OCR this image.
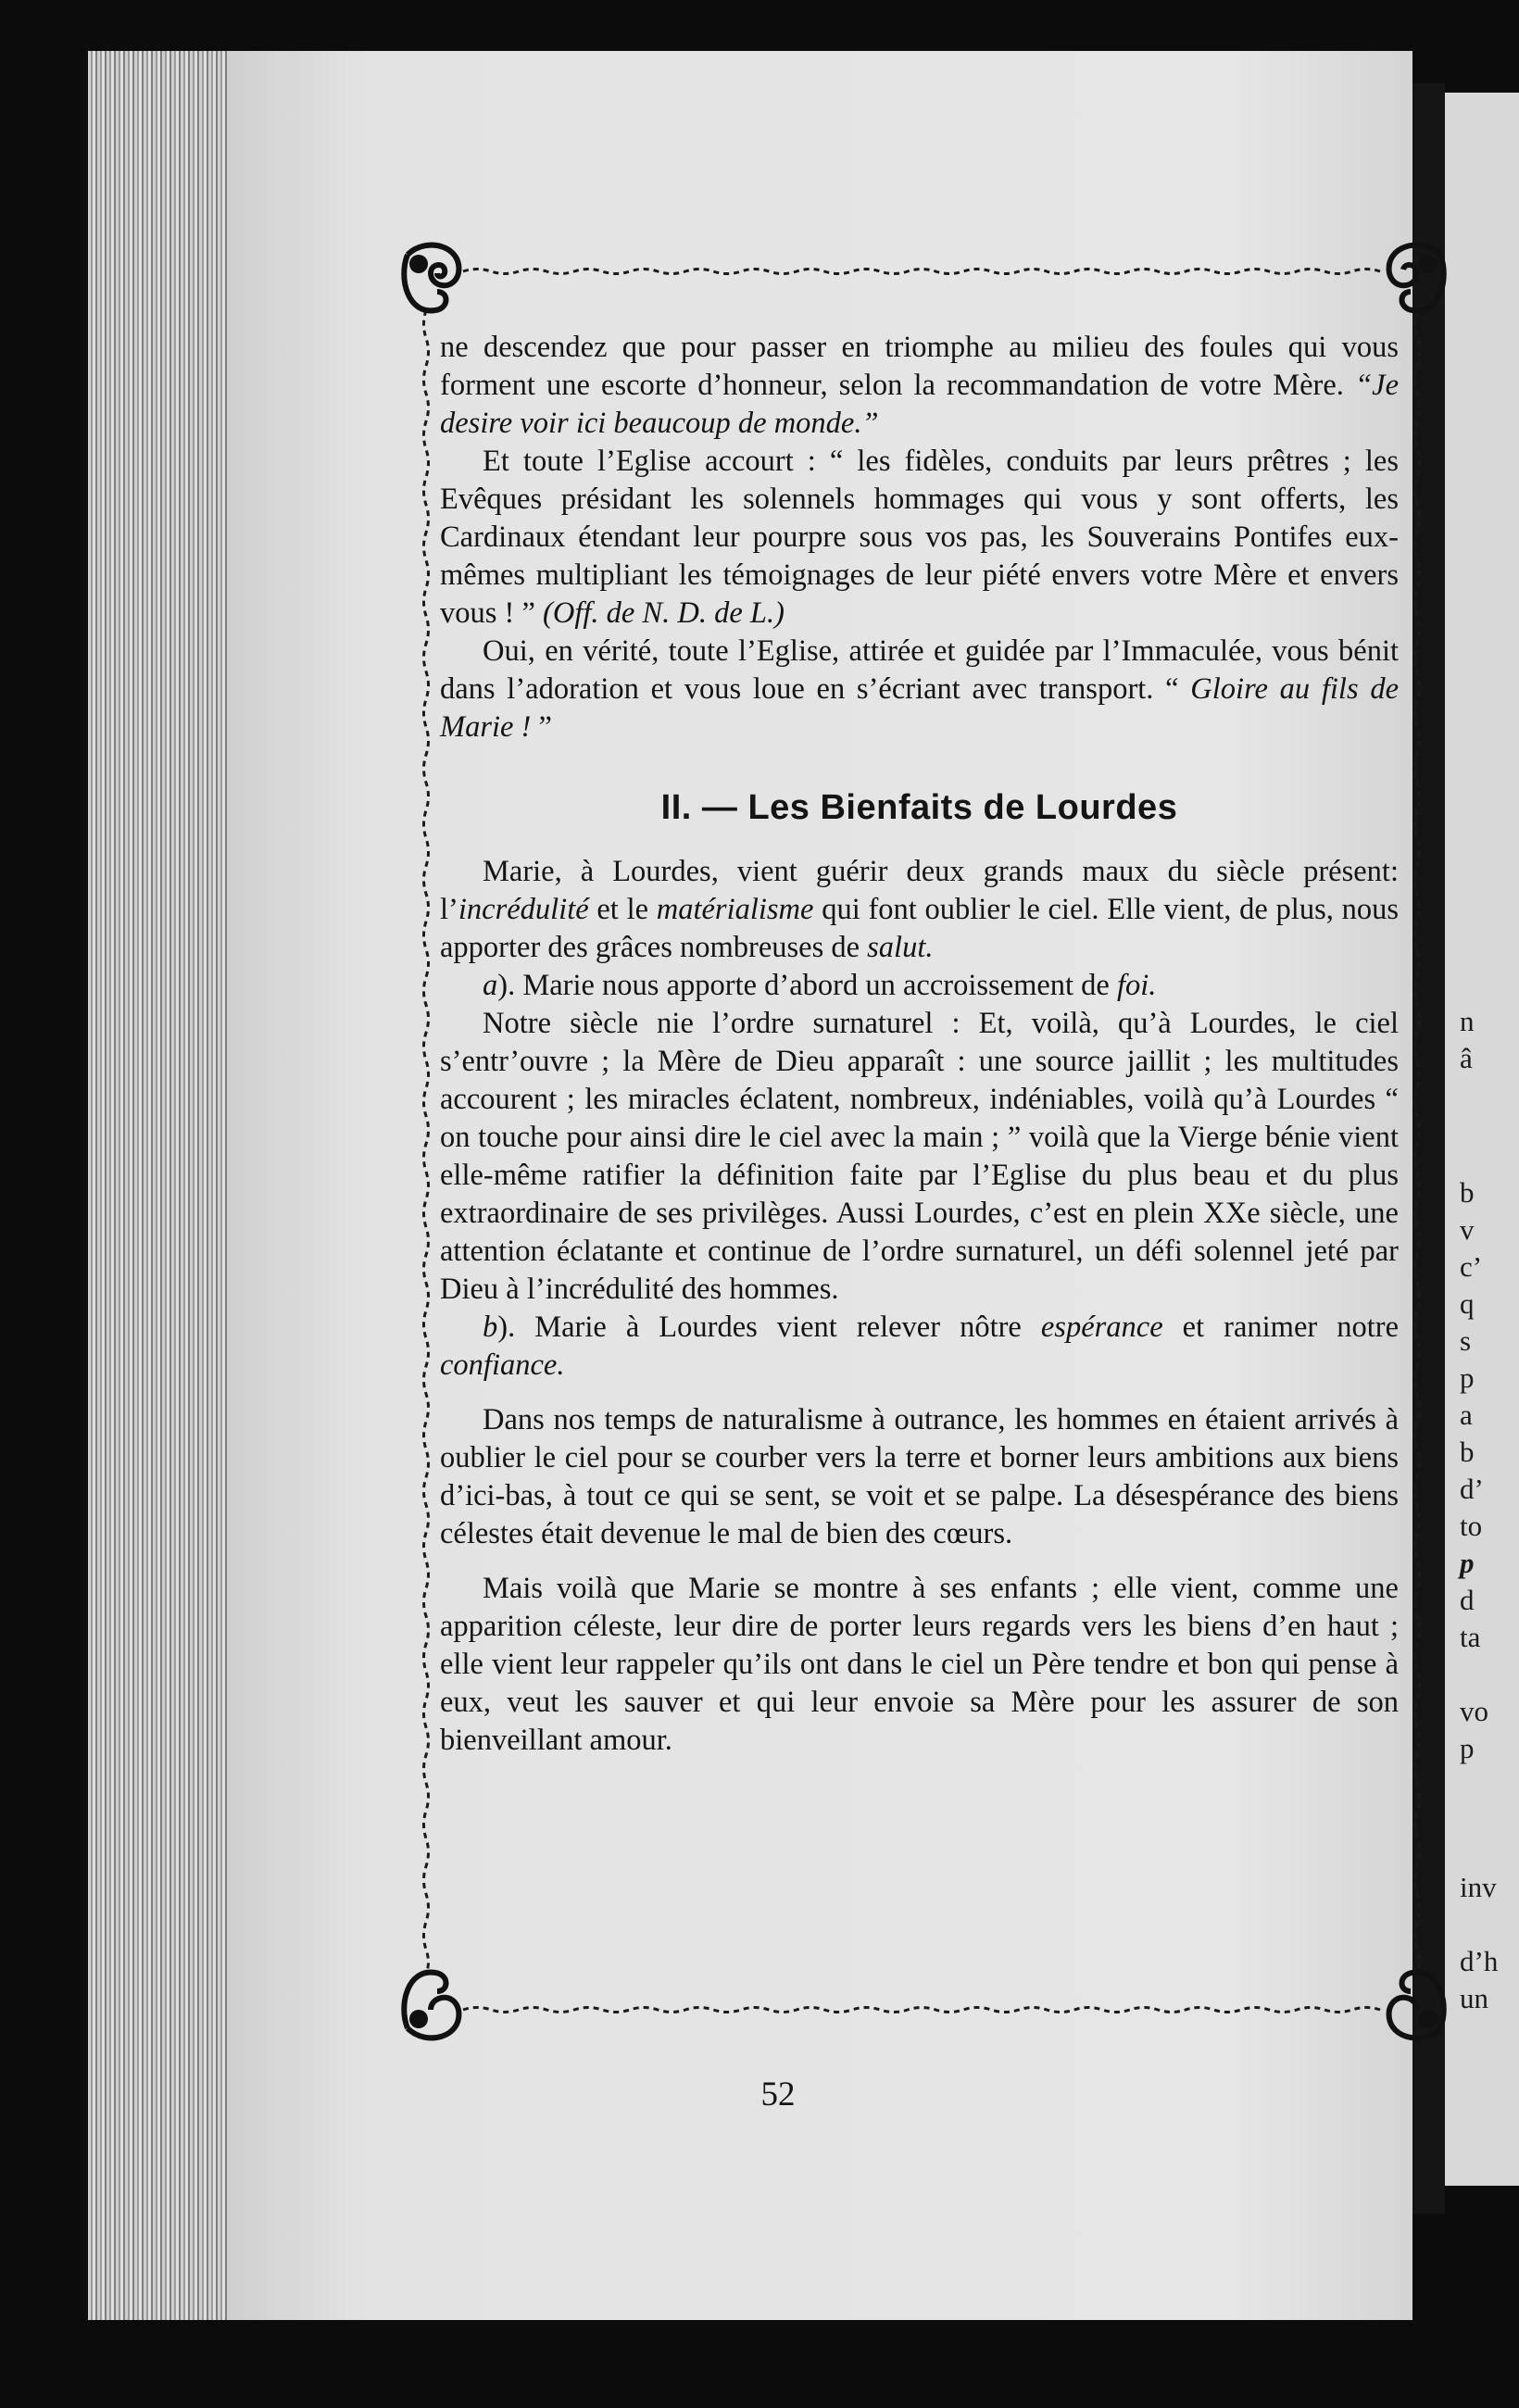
n
â
b
v
c’
q
s
p
a
b
d’
to
p
d
ta
vo
p
inv
d’h
un

ne descendez que pour passer en triomphe au milieu des foules qui vous forment une escorte d’honneur, selon la recommandation de votre Mère. “Je desire voir ici beaucoup de monde.”

Et toute l’Eglise accourt : “ les fidèles, conduits par leurs prêtres ; les Evêques présidant les solennels hommages qui vous y sont offerts, les Cardinaux étendant leur pourpre sous vos pas, les Souverains Pontifes eux-mêmes multipliant les témoignages de leur piété envers votre Mère et envers vous ! ” (Off. de N. D. de L.)

Oui, en vérité, toute l’Eglise, attirée et guidée par l’Immaculée, vous bénit dans l’adoration et vous loue en s’écriant avec transport. “ Gloire au fils de Marie ! ”

II. — Les Bienfaits de Lourdes

Marie, à Lourdes, vient guérir deux grands maux du siècle présent: l’incrédulité et le matérialisme qui font oublier le ciel. Elle vient, de plus, nous apporter des grâces nombreuses de salut.

a). Marie nous apporte d’abord un accroissement de foi.

Notre siècle nie l’ordre surnaturel : Et, voilà, qu’à Lourdes, le ciel s’entr’ouvre ; la Mère de Dieu apparaît : une source jaillit ; les multitudes accourent ; les miracles éclatent, nombreux, indéniables, voilà qu’à Lourdes “ on touche pour ainsi dire le ciel avec la main ; ” voilà que la Vierge bénie vient elle-même ratifier la définition faite par l’Eglise du plus beau et du plus extraordinaire de ses privilèges. Aussi Lourdes, c’est en plein XXe siècle, une attention éclatante et continue de l’ordre surnaturel, un défi solennel jeté par Dieu à l’incrédulité des hommes.

b). Marie à Lourdes vient relever nôtre espérance et ranimer notre confiance.

Dans nos temps de naturalisme à outrance, les hommes en étaient arrivés à oublier le ciel pour se courber vers la terre et borner leurs ambitions aux biens d’ici-bas, à tout ce qui se sent, se voit et se palpe. La désespérance des biens célestes était devenue le mal de bien des cœurs.

Mais voilà que Marie se montre à ses enfants ; elle vient, comme une apparition céleste, leur dire de porter leurs regards vers les biens d’en haut ; elle vient leur rappeler qu’ils ont dans le ciel un Père tendre et bon qui pense à eux, veut les sauver et qui leur envoie sa Mère pour les assurer de son bienveillant amour.

52
